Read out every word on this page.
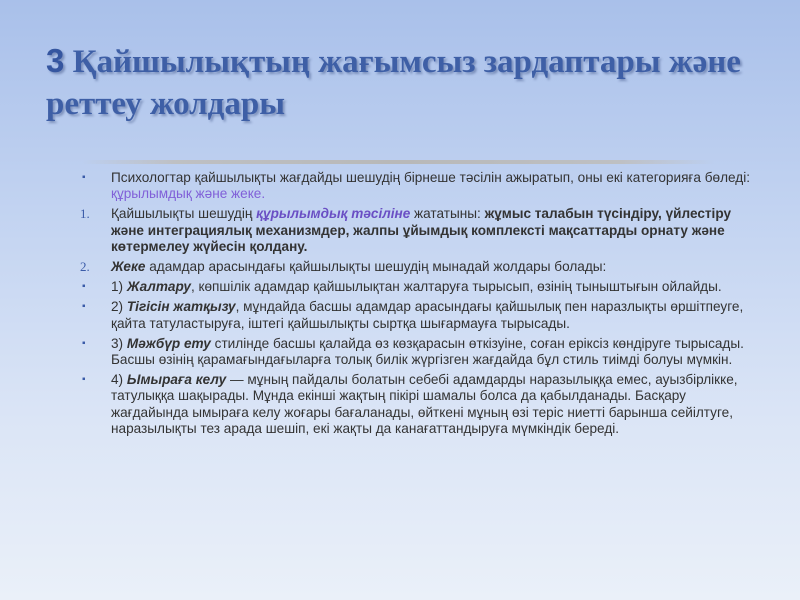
3 Қайшылықтың жағымсыз зардаптары және реттеу жолдары
▪	Психологтар қайшылықты жағдайды шешудің бірнеше тәсілін ажыратып, оны екі категорияға бөледі: құрылымдық және жеке.
1.	Қайшылықты шешудің құрылымдық тәсіліне жататыны: жұмыс талабын түсіндіру, үйлестіру және интеграциялық механизмдер, жалпы ұйымдық комплексті мақсаттарды орнату және көтермелеу жүйесін қолдану.
2.	Жеке адамдар арасындағы қайшылықты шешудің мынадай жолдары болады:
▪	1) Жалтару, көпшілік адамдар қайшылықтан жалтаруға тырысып, өзінің тыныштығын ойлайды.
▪	2) Тігісін жатқызу, мұндайда басшы адамдар арасындағы қайшылық пен наразлықты өршітпеуге, қайта татуластыруға, іштегі қайшылықты сыртқа шығармауға тырысады.
▪	3) Мәжбүр ету стилінде басшы қалайда өз көзқарасын өткізуіне, соған еріксіз көндіруге тырысады. Басшы өзінің қарамағындағыларға толық билік жүргізген жағдайда бұл стиль тиімді болуы мүмкін.
▪	4) Ымыраға келу — мұның пайдалы болатын себебі адамдарды наразылыққа емес, ауызбірлікке, татулыққа шақырады. Мұнда екінші жақтың пікірі шамалы болса да қабылданады. Басқару жағдайында ымыраға келу жоғары бағаланады, өйткені мұның өзі теріс ниетті барынша сейілтуге, наразылықты тез арада шешіп, екі жақты да канағаттандыруға мүмкіндік береді.
